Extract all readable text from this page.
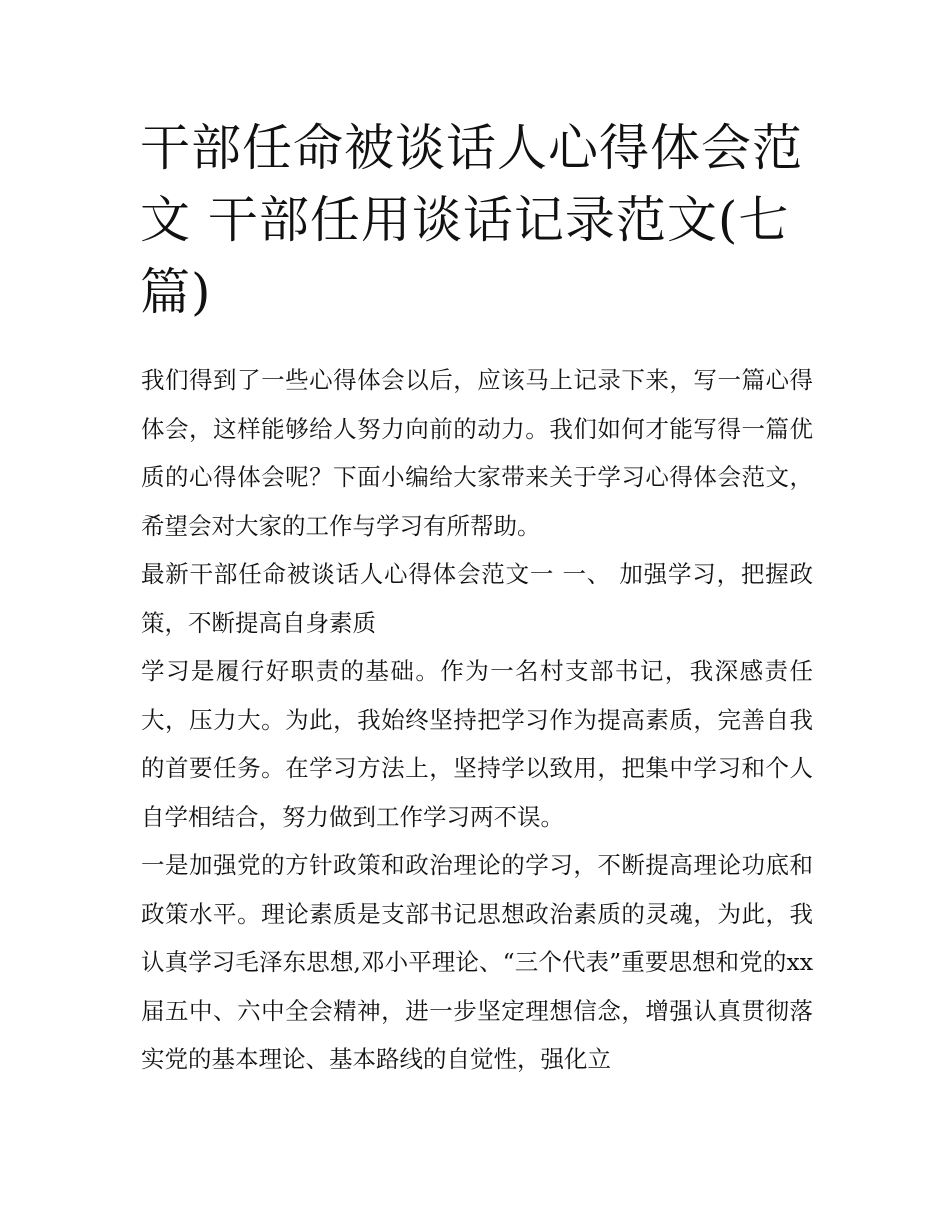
干部任命被谈话人心得体会范文 干部任用谈话记录范文(七篇)

我们得到了一些心得体会以后，应该马上记录下来，写一篇心得体会，这样能够给人努力向前的动力。我们如何才能写得一篇优质的心得体会呢？下面小编给大家带来关于学习心得体会范文，希望会对大家的工作与学习有所帮助。

最新干部任命被谈话人心得体会范文一 一、 加强学习，把握政策，不断提高自身素质

学习是履行好职责的基础。作为一名村支部书记，我深感责任大，压力大。为此，我始终坚持把学习作为提高素质，完善自我的首要任务。在学习方法上，坚持学以致用，把集中学习和个人自学相结合，努力做到工作学习两不误。

一是加强党的方针政策和政治理论的学习，不断提高理论功底和政策水平。理论素质是支部书记思想政治素质的灵魂，为此，我认真学习毛泽东思想,邓小平理论、“三个代表”重要思想和党的xx届五中、六中全会精神，进一步坚定理想信念，增强认真贯彻落实党的基本理论、基本路线的自觉性，强化立
